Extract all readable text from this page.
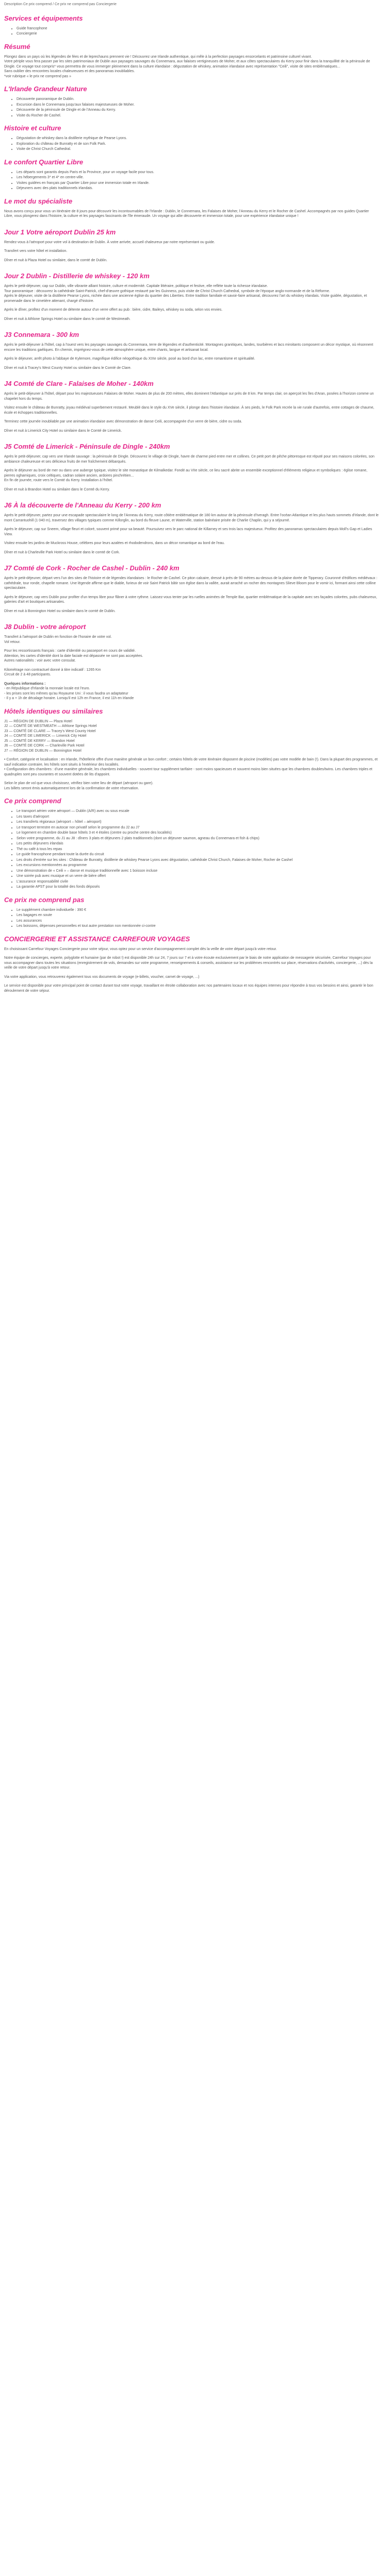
Description Ce prix comprend / Ce prix ne comprend pas Conciergerie
Services et équipements
• Guide francophone
• Conciergerie
Résumé

Plongez dans un pays où les légendes de fées et de leprechauns prennent vie ! Découvrez une Irlande authentique, qui mêle à la perfection paysages ensorcelants et patrimoine culturel vivant.

Votre périple vous fera passer par les sites patrimoniaux de Dublin aux paysages sauvages du Connemara, aux falaises vertigineuses de Moher, et aux côtes spectaculaires du Kerry pour finir dans la tranquillité de la péninsule de Dingle. Ce voyage tout compris* vous permettra de vous immerger pleinement dans la culture irlandaise : dégustation de whiskey, animation irlandaise avec représentation "Ceili", visite de sites emblématiques...

Sans oublier des rencontres locales chaleureuses et des panoramas inoubliables.

*voir rubrique « le prix ne comprend pas »

L'Irlande Grandeur Nature
• Découverte panoramique de Dublin.
• Excursion dans le Connemara jusqu'aux falaises majestueuses de Moher.
• Découverte de la péninsule de Dingle et de l'Anneau du Kerry.
• Visite du Rocher de Cashel.
Histoire et culture
• Dégustation de whiskey dans la distillerie mythique de Pearse Lyons.
• Exploration du château de Bunratty et de son Folk Park.
• Visite de Christ Church Cathedral.
Le confort Quartier Libre
• Les départs sont garantis depuis Paris et la Province, pour un voyage facile pour tous.
• Les hébergements 3* et 4* en centre-ville.
• Visites guidées en français par Quartier Libre pour une immersion totale en Irlande.
• Déjeuners avec des plats traditionnels irlandais.
Le mot du spécialiste

Nous avons conçu pour vous un itinéraire de 8 jours pour découvrir les incontournables de l'Irlande : Dublin, le Connemara, les Falaises de Moher, l'Anneau du Kerry et le Rocher de Cashel. Accompagnés par nos guides Quartier Libre, vous plongerez dans l'histoire, la culture et les paysages fascinants de l'île émeraude. Un voyage qui allie découverte et immersion totale, pour une expérience irlandaise unique !

Jour 1 Votre aéroport Dublin 25 km

Rendez-vous à l'aéroport pour votre vol à destination de Dublin. À votre arrivée, accueil chaleureux par notre représentant ou guide.

Transfert vers votre hôtel et installation.

Dîner et nuit à Plaza Hotel ou similaire, dans le comté de Dublin.

Jour 2 Dublin - Distillerie de whiskey - 120 km

Après le petit-déjeuner, cap sur Dublin, ville vibrante alliant histoire, culture et modernité. Capitale littéraire, politique et festive, elle reflète toute la richesse irlandaise.

Tour panoramique : découvrez la cathédrale Saint-Patrick, chef-d'œuvre gothique restauré par les Guinness, puis visite de Christ Church Cathedral, symbole de l'époque anglo-normande et de la Réforme.

Après le déjeuner, visite de la distillerie Pearse Lyons, nichée dans une ancienne église du quartier des Liberties. Entre tradition familiale et savoir-faire artisanal, découvrez l'art du whiskey irlandais. Visite guidée, dégustation, et promenade dans le cimetière attenant, chargé d'histoire.

Après le dîner, profitez d'un moment de détente autour d'un verre offert au pub : bière, cidre, Baileys, whiskey ou soda, selon vos envies.

Dîner et nuit à Athlone Springs Hotel ou similaire dans le comté de Westmeath.

J3 Connemara - 300 km

Après le petit-déjeuner à l'hôtel, cap à l'ouest vers les paysages sauvages du Connemara, terre de légendes et d'authenticité. Montagnes granitiques, landes, tourbières et lacs miroitants composent un décor mystique, où résonnent encore les traditions gaéliques. En chemin, imprégnez-vous de cette atmosphère unique, entre chants, langue et artisanat local.

Après le déjeuner, arrêt photo à l'abbaye de Kylemore, magnifique édifice néogothique du XIXe siècle, posé au bord d'un lac, entre romantisme et spiritualité.

Dîner et nuit à Tracey's West County Hotel ou similaire dans le Comté de Clare.

J4 Comté de Clare - Falaises de Moher - 140km

Après le petit-déjeuner à l'hôtel, départ pour les majestueuses Falaises de Moher. Hautes de plus de 200 mètres, elles dominent l'Atlantique sur près de 8 km. Par temps clair, on aperçoit les îles d'Aran, posées à l'horizon comme un chapelet hors du temps.

Visitez ensuite le château de Bunratty, joyau médiéval superbement restauré. Meublé dans le style du XVe siècle, il plonge dans l'histoire irlandaise. À ses pieds, le Folk Park recrée la vie rurale d'autrefois, entre cottages de chaume, école et échoppes traditionnelles.

Terminez cette journée inoubliable par une animation irlandaise avec démonstration de danse Ceili, accompagnée d'un verre de bière, cidre ou soda.

Dîner et nuit à Limerick City Hotel ou similaire dans le Comté de Limerick.

J5 Comté de Limerick - Péninsule de Dingle - 240km

Après le petit-déjeuner, cap vers une Irlande sauvage : la péninsule de Dingle. Découvrez le village de Dingle, havre de charme pied entre mer et collines. Ce petit port de pêche pittoresque est réputé pour ses maisons colorées, son ambiance chaleureuse et ses délicieux fruits de mer fraîchement débarqués.

Après le déjeuner au bord de mer ou dans une auberge typique, visitez le site monastique de Kilmalkedar. Fondé au VIIe siècle, ce lieu sacré abrite un ensemble exceptionnel d'éléments religieux et symboliques : église romane, pierres oghamiques, croix celtiques, cadran solaire ancien, ardoires pinchrétien...

En fin de journée, route vers le Comté du Kerry. Installation à l'hôtel.

Dîner et nuit à Brandon Hotel ou similaire dans le Comté du Kerry.

J6 À la découverte de l'Anneau du Kerry - 200 km

Après le petit-déjeuner, partez pour une escapade spectaculaire le long de l'Anneau du Kerry, route côtière emblématique de 180 km autour de la péninsule d'Iveragh. Entre l'océan Atlantique et les plus hauts sommets d'Irlande, dont le mont Carrantuohill (1 040 m), traversez des villages typiques comme Killorglin, au bord du fleuve Laune, et Waterville, station balnéaire prisée de Charlie Chaplin, qui y a séjourné.

Après le déjeuner, cap sur Sneem, village fleuri et coloré, souvent primé pour sa beauté. Poursuivez vers le parc national de Killarney et ses trois lacs majestueux. Profitez des panoramas spectaculaires depuis Moll's Gap et Ladies View.

Visitez ensuite les jardins de Muckross House, célèbres pour leurs azalées et rhododendrons, dans un décor romantique au bord de l'eau.

Dîner et nuit à Charleville Park Hotel ou similaire dans le comté de Cork.

J7 Comté de Cork - Rocher de Cashel - Dublin - 240 km

Après le petit-déjeuner, départ vers l'un des sites de l'histoire et de légendes irlandaises : le Rocher de Cashel. Ce piton calcaire, dressé à près de 90 mètres au-dessus de la plaine dorée de Tipperary. Couronné d'édifices médiévaux : cathédrale, tour ronde, chapelle romane. Une légende affirme que le diable, furieux de voir Saint Patrick bâtir son église dans la vallée, aurait arraché un rocher des montagnes Slieve Bloom pour le vomir ici, formant ainsi cette colline spectaculaire.

Après le déjeuner, cap vers Dublin pour profiter d'un temps libre pour flâner à votre rythme. Laissez-vous tenter par les ruelles animées de Temple Bar, quartier emblématique de la capitale avec ses façades colorées, pubs chaleureux, galeries d'art et boutiques artisanales.

Dîner et nuit à Bonnington Hotel ou similaire dans le comté de Dublin.

J8 Dublin - votre aéroport

Transfert à l'aéroport de Dublin en fonction de l'horaire de votre vol.

Vol retour.

Pour les ressortissants français : carte d'identité ou passeport en cours de validité.

Attention, les cartes d'identité dont la date faciale est dépassée ne sont pas acceptées.

Autres nationalités : voir avec votre consulat.

Kilométrage non contractuel donné à titre indicatif : 1265 Km

Circuit de 2 à 48 participants.

Quelques informations :

- en République d'Irlande la monnaie locale est l'euro.

- les prises sont les mêmes qu'au Royaume Uni : il vous faudra un adaptateur

- Il y a + 1h de décalage horaire. Lorsqu'il est 12h en France, il est 11h en Irlande

Hôtels identiques ou similaires

J1 — RÉGION DE DUBLIN — Plaza Hotel

J2 — COMTÉ DE WESTMEATH — Athlone Springs Hotel

J3 — COMTÉ DE CLARE — Tracey's West County Hotel

J4 — COMTÉ DE LIMERICK — Limerick City Hotel

J5 — COMTÉ DE KERRY — Brandon Hotel

J6 — COMTÉ DE CORK — Charleville Park Hotel

J7 — RÉGION DE DUBLIN — Bonnington Hotel

• Confort, catégorie et localisation : en Irlande, l'hôtellerie offre d'une manière générale un bon confort ; certains hôtels de votre itinéraire disposent de piscine (modèles) pas votre modèle de bain (!). Dans la plupart des programmes, et sauf indication contraire, les hôtels sont situés à l'extérieur des localités.

• Configuration des chambres : d'une manière générale, les chambres individuelles - souvent tour supplément tarifaire - sont moins spacieuses et souvent moins bien situées que les chambres doubles/twins. Les chambres triples et quadruples sont peu courantes et souvent dotées de lits d'appoint.

Selon le plan de vol que vous choisissez, vérifiez bien votre lieu de départ (aéroport ou gare).

Les billets seront émis automatiquement lors de la confirmation de votre réservation.

Ce prix comprend
• Le transport aérien votre aéroport — Dublin (A/R) avec ou sous escale
• Les taxes d'aéroport
• Les transferts régionaux (aéroport – hôtel – aéroport)
• Le transport terrestre en autocar non privatif selon le programme du J2 au J7
• Le logement en chambre double base hôtels 3 et 4 étoiles (centre ou proche centre des localités)
• Selon votre programme, du J1 au J8 : dîners 3 plats et déjeuners 2 plats traditionnels (dont un déjeuner saumon, agneau du Connemara et fish & chips)
• Les petits déjeuners irlandais
• Thé ou café à tous les repas
• Le guide francophone pendant toute la durée du circuit
• Les droits d'entrée sur les sites : Château de Bunratty, distillerie de whiskey Pearse Lyons avec dégustation, cathédrale Christ Church, Falaises de Moher, Rocher de Cashel
• Les excursions mentionnées au programme
• Une démonstration de « Ceili » – danse et musique traditionnelle avec 1 boisson incluse
• Une soirée pub avec musique et un verre de bière offert
• L'assurance responsabilité civile
• La garantie APST pour la totalité des fonds déposés
Ce prix ne comprend pas
• Le supplément chambre individuelle : 390 €
• Les bagages en soute
• Les assurances
• Les boissons, dépenses personnelles et tout autre prestation non mentionnée ci-contre
CONCIERGERIE ET ASSISTANCE CARREFOUR VOYAGES

En choisissant Carrefour Voyages Conciergerie pour votre séjour, vous optez pour un service d'accompagnement complet dès la veille de votre départ jusqu'à votre retour.

Notre équipe de concierges, experte, polyglotte et humaine (par de robot !) est disponible 24h sur 24, 7 jours sur 7 et à votre écoute exclusivement par le biais de notre application de messagerie sécurisée, Carrefour Voyages pour vous accompagner dans toutes les situations (enregistrement de vols, demandes sur votre programme, renseignements & conseils, assistance sur les problèmes rencontrés sur place, réservations d'activités, conciergerie, ...) dès la veille de votre départ jusqu'à votre retour.

Via votre application, vous retrouverez également tous vos documents de voyage (e-billets, voucher, carnet de voyage, ...)

Le service est disponible pour votre principal point de contact durant tout votre voyage, travaillant en étroite collaboration avec nos partenaires locaux et nos équipes internes pour répondre à tous vos besoins et ainsi, garantir le bon déroulement de votre séjour.
